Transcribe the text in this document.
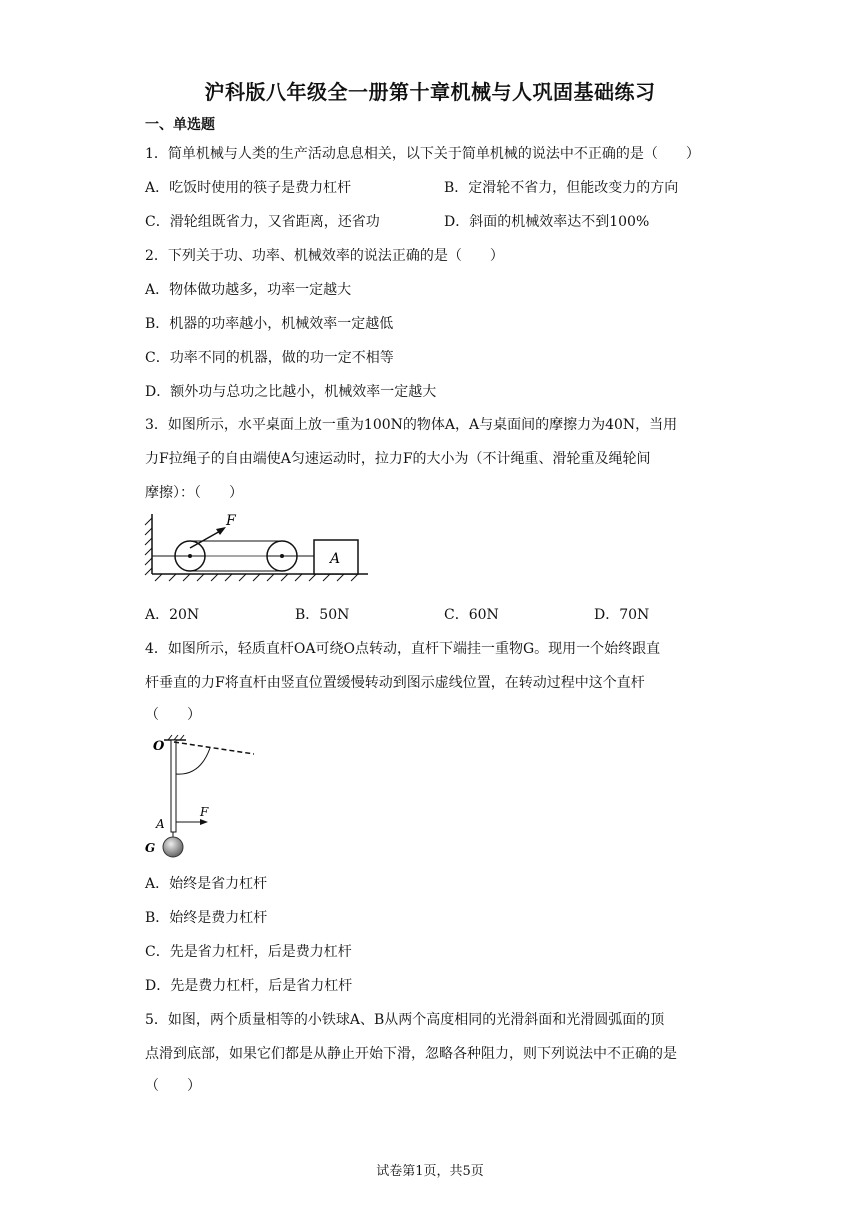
沪科版八年级全一册第十章机械与人巩固基础练习
一、单选题
1．简单机械与人类的生产活动息息相关，以下关于简单机械的说法中不正确的是（　　）
A．吃饭时使用的筷子是费力杠杆	B．定滑轮不省力，但能改变力的方向
C．滑轮组既省力，又省距离，还省功	D．斜面的机械效率达不到100%
2．下列关于功、功率、机械效率的说法正确的是（　　）
A．物体做功越多，功率一定越大
B．机器的功率越小，机械效率一定越低
C．功率不同的机器，做的功一定不相等
D．额外功与总功之比越小，机械效率一定越大
3．如图所示，水平桌面上放一重为100N的物体A，A与桌面间的摩擦力为40N，当用
力F拉绳子的自由端使A匀速运动时，拉力F的大小为（不计绳重、滑轮重及绳轮间
摩擦）：（　　）
F
A
A．20N	B．50N	C．60N	D．70N
4．如图所示，轻质直杆OA可绕O点转动，直杆下端挂一重物G。现用一个始终跟直
杆垂直的力F将直杆由竖直位置缓慢转动到图示虚线位置，在转动过程中这个直杆
（　　）
O
A
F
G
A．始终是省力杠杆
B．始终是费力杠杆
C．先是省力杠杆，后是费力杠杆
D．先是费力杠杆，后是省力杠杆
5．如图，两个质量相等的小铁球A、B从两个高度相同的光滑斜面和光滑圆弧面的顶
点滑到底部，如果它们都是从静止开始下滑，忽略各种阻力，则下列说法中不正确的是
（　　）
试卷第1页，共5页
